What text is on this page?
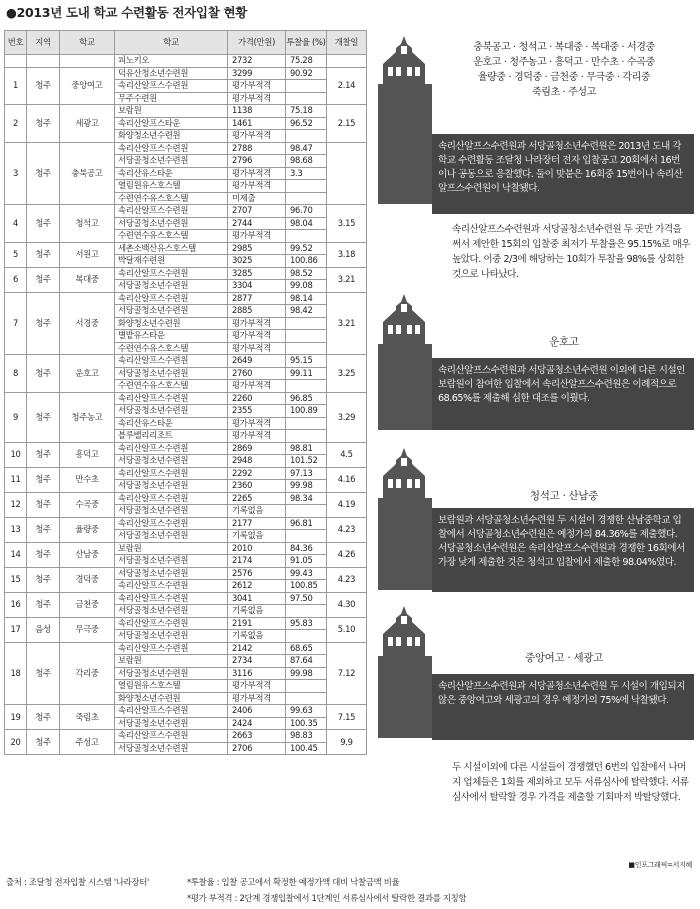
●2013년 도내 학교 수련활동 전자입찰 현황
번호	지역	학교	학교	가격(만원)	투찰율 (%)	개찰일
			피노키오	2732	75.28	
1	청주	중앙여고	덕유산청소년수련원	3299	90.92	2.14
			속리산알프스수련원	평가부적격		
			무주수련원	평가부적격		
2	청주	세광고	보람원	1138	75.18	2.15
			속리산알프스타운	1461	96.52	
			화양청소년수련원	평가부적격		
3	청주	충북공고	속리산알프스수련원	2788	98.47	
			서당골청소년수련원	2796	98.68	
			속리산유스타운	평가부적격	3.3	
			열림원유스호스텔	평가부적격		
			수련연수유스호스텔	미제출		
4	청주	청석고	속리산알프스수련원	2707	96.70	3.15
			서당골청소년수련원	2744	98.04	
			수련연수유스호스텔	평가부적격		
5	청주	서원고	세촌소백산유스호스텔	2985	99.52	3.18
			박달재수련원	3025	100.86	
6	청주	복대중	속리산알프스수련원	3285	98.52	3.21
			서당골청소년수련원	3304	99.08	
7	청주	서경중	속리산알프스수련원	2877	98.14	3.21
			서당골청소년수련원	2885	98.42	
			화양청소년수련원	평가부적격		
			별밭유스타운	평가부적격		
			수련연수유스호스텔	평가부적격		
8	청주	운호고	속리산알프스수련원	2649	95.15	3.25
			서당골청소년수련원	2760	99.11	
			수련연수유스호스텔	평가부적격		
9	청주	청주농고	속리산알프스수련원	2260	96.85	3.29
			서당골청소년수련원	2355	100.89	
			속리산유스타운	평가부적격		
			블루밸리리조트	평가부적격		
10	청주	흥덕고	속리산알프스수련원	2869	98.81	4.5
			서당골청소년수련원	2948	101.52	
11	청주	만수초	속리산알프스수련원	2292	97.13	4.16
			서당골청소년수련원	2360	99.98	
12	청주	수곡중	속리산알프스수련원	2265	98.34	4.19
			서당골청소년수련원	기록없음		
13	청주	율량중	속리산알프스수련원	2177	96.81	4.23
			서당골청소년수련원	기록없음		
14	청주	산남중	보람원	2010	84.36	4.26
			서당골청소년수련원	2174	91.05	
15	청주	경덕중	서당골청소년수련원	2576	99.43	4.23
			속리산알프스수련원	2612	100.85	
16	청주	금천중	속리산알프스수련원	3041	97.50	4.30
			서당골청소년수련원	기록없음		
17	음성	무극중	속리산알프스수련원	2191	95.83	5.10
			서당골청소년수련원	기록없음		
18	청주	각리중	속리산알프스수련원	2142	68.65	7.12
			보람원	2734	87.64	
			서당골청소년수련원	3116	99.98	
			열림원유스호스텔	평가부적격		
			화양청소년수련원	평가부적격		
19	청주	죽림초	속리산알프스수련원	2406	99.63	7.15
			서당골청소년수련원	2424	100.35	
20	청주	주성고	속리산알프스수련원	2663	98.83	9.9
			서당골청소년수련원	2706	100.45	
출처 : 조달청 전자입찰 시스템 '나라장터'	*투찰율 : 입찰 공고에서 확정한 예정가액 대비 낙찰금액 비율
*평가 부적격 : 2단계 경쟁입찰에서 1단계인 서류심사에서 탈락한 결과를 지칭함
충북공고 · 청석고 · 복대중 · 복대중 · 서경중
운호고 · 청주농고 · 흥덕고 · 만수초 · 수곡중
율량중 · 경덕중 · 금천중 · 무극중 · 각리중
죽림초 · 주성고
속리산알프스수련원과 서당골청소년수련원은 2013년 도내 각 학교 수련활동 조달청 나라장터 전자 입찰공고 20회에서 16번이나 공동으로 응찰했다. 둘이 맞붙은 16회중 15번이나 속리산알프스수련원이 낙찰됐다.
속리산알프스수련원과 서당골청소년수련원 두 곳만 가격을 써서 제안한 15회의 입찰중 최저가 투찰율은 95.15%로 매우 높았다. 이중 2/3에 해당하는 10회가 투찰율 98%를 상회한 것으로 나타났다.
운호고
속리산알프스수련원과 서당골청소년수련원 이외에 다른 시설인 보람원이 참여한 입찰에서 속리산알프스수련원은 이례적으로 68.65%를 제출해 심한 대조를 이뤘다.
청석고 · 산남중
보람원과 서당골청소년수련원 두 시설이 경쟁한 산남중학교 입찰에서 서당골청소년수련원은 예정가의 84.36%를 제출했다. 서당골청소년수련원은 속리산알프스수련원과 경쟁한 16회에서 가장 낮게 제출한 것은 청석고 입찰에서 제출한 98.04%였다.
중앙여고 · 세광고
속리산알프스수련원과 서당골청소년수련원 두 시설이 개입되지 않은 중앙여고와 세광고의 경우 예정가의 75%에 낙찰됐다.
두 시설이외에 다른 시설들이 경쟁했던 6번의 입찰에서 나머지 업체들은 1회를 제외하고 모두 서류심사에 탈락했다. 서류심사에서 탈락할 경우 가격을 제출할 기회마저 박탈당했다.
■인포그래픽=서지혜
